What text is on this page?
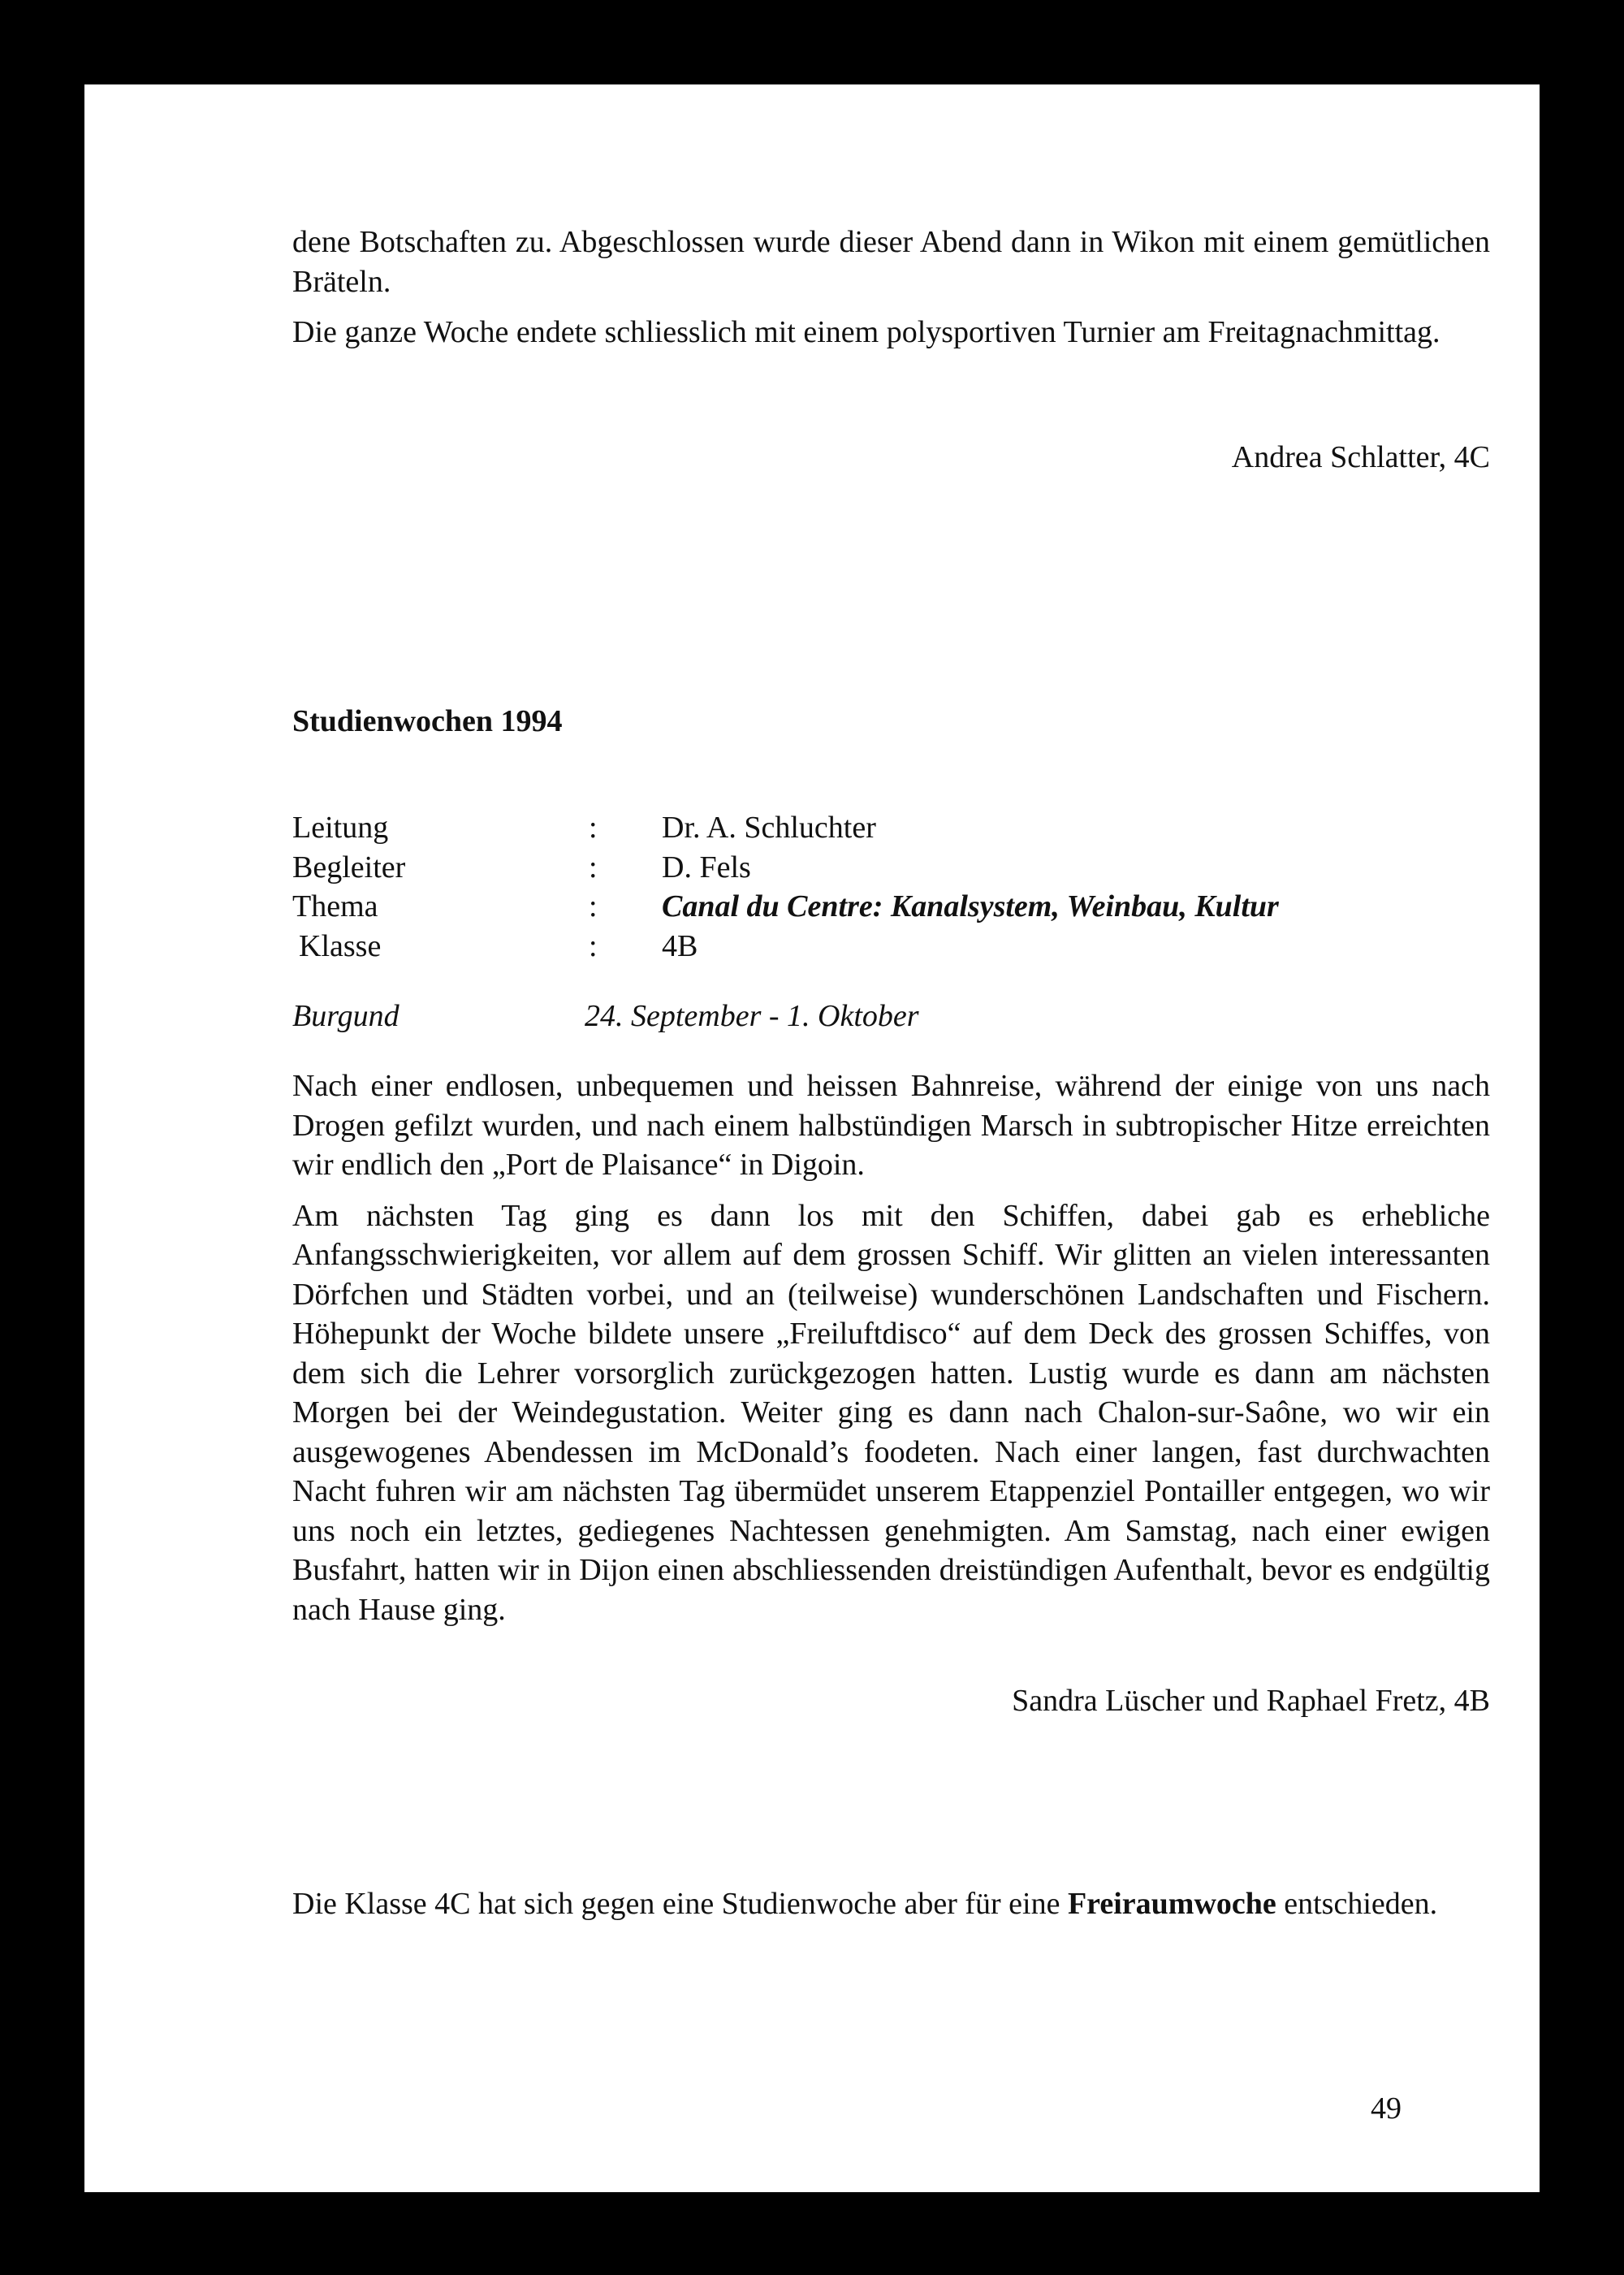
dene Botschaften zu. Abgeschlossen wurde dieser Abend dann in Wikon mit einem gemütlichen Bräteln.

Die ganze Woche endete schliesslich mit einem polysportiven Turnier am Freitagnachmittag.

Andrea Schlatter, 4C
Studienwochen 1994
Leitung	: Dr. A. Schluchter
Begleiter	: D. Fels
Thema	: Canal du Centre: Kanalsystem, Weinbau, Kultur
Klasse	: 4B
Burgund	24. September - 1. Oktober

Nach einer endlosen, unbequemen und heissen Bahnreise, während der einige von uns nach Drogen gefilzt wurden, und nach einem halbstündigen Marsch in subtropischer Hitze erreichten wir endlich den „Port de Plaisance“ in Digoin.

Am nächsten Tag ging es dann los mit den Schiffen, dabei gab es erhebliche Anfangsschwierigkeiten, vor allem auf dem grossen Schiff. Wir glitten an vielen interessanten Dörfchen und Städten vorbei, und an (teilweise) wunderschönen Landschaften und Fischern. Höhepunkt der Woche bildete unsere „Freiluftdisco“ auf dem Deck des grossen Schiffes, von dem sich die Lehrer vorsorglich zurückgezogen hatten. Lustig wurde es dann am nächsten Morgen bei der Weindegustation. Weiter ging es dann nach Chalon-sur-Saône, wo wir ein ausgewogenes Abendessen im McDonald’s foodeten. Nach einer langen, fast durchwachten Nacht fuhren wir am nächsten Tag übermüdet unserem Etappenziel Pontailler entgegen, wo wir uns noch ein letztes, gediegenes Nachtessen genehmigten. Am Samstag, nach einer ewigen Busfahrt, hatten wir in Dijon einen abschliessenden dreistündigen Aufenthalt, bevor es endgültig nach Hause ging.

Sandra Lüscher und Raphael Fretz, 4B

Die Klasse 4C hat sich gegen eine Studienwoche aber für eine Freiraumwoche entschieden.

49
